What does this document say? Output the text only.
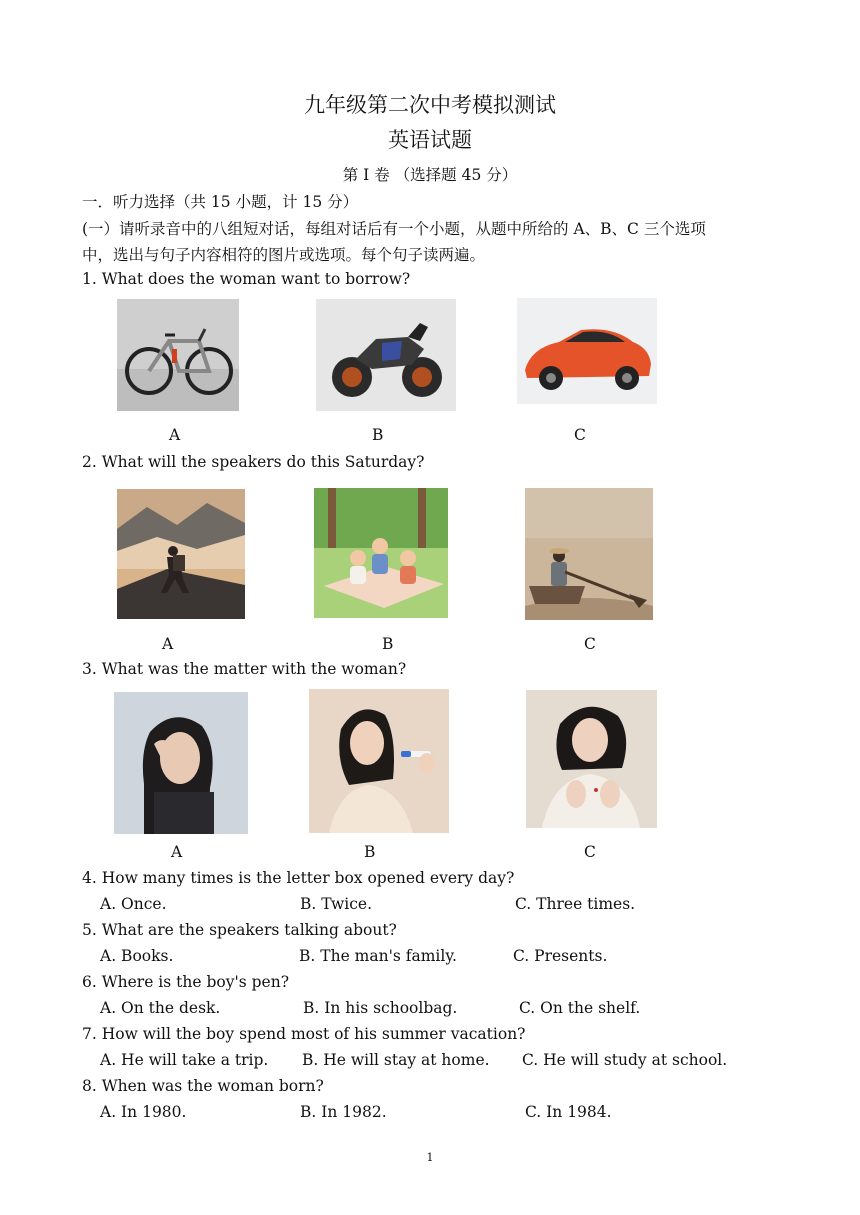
九年级第二次中考模拟测试
英语试题
第 I 卷 （选择题 45 分）
一．听力选择（共 15 小题，计 15 分）
(一）请听录音中的八组短对话，每组对话后有一个小题，从题中所给的 A、B、C 三个选项
中，选出与句子内容相符的图片或选项。每个句子读两遍。
1. What does the woman want to borrow?
A	B	C
2. What will the speakers do this Saturday?
A	B	C
3. What was the matter with the woman?
A	B	C
4. How many times is the letter box opened every day?
A. Once.	B. Twice.	C. Three times.
5. What are the speakers talking about?
A. Books.	B. The man's family.	C. Presents.
6. Where is the boy's pen?
A. On the desk.	B. In his schoolbag.	C. On the shelf.
7. How will the boy spend most of his summer vacation?
A. He will take a trip. B. He will stay at home. C. He will study at school.
8. When was the woman born?
A. In 1980.	B. In 1982.	C. In 1984.
1
